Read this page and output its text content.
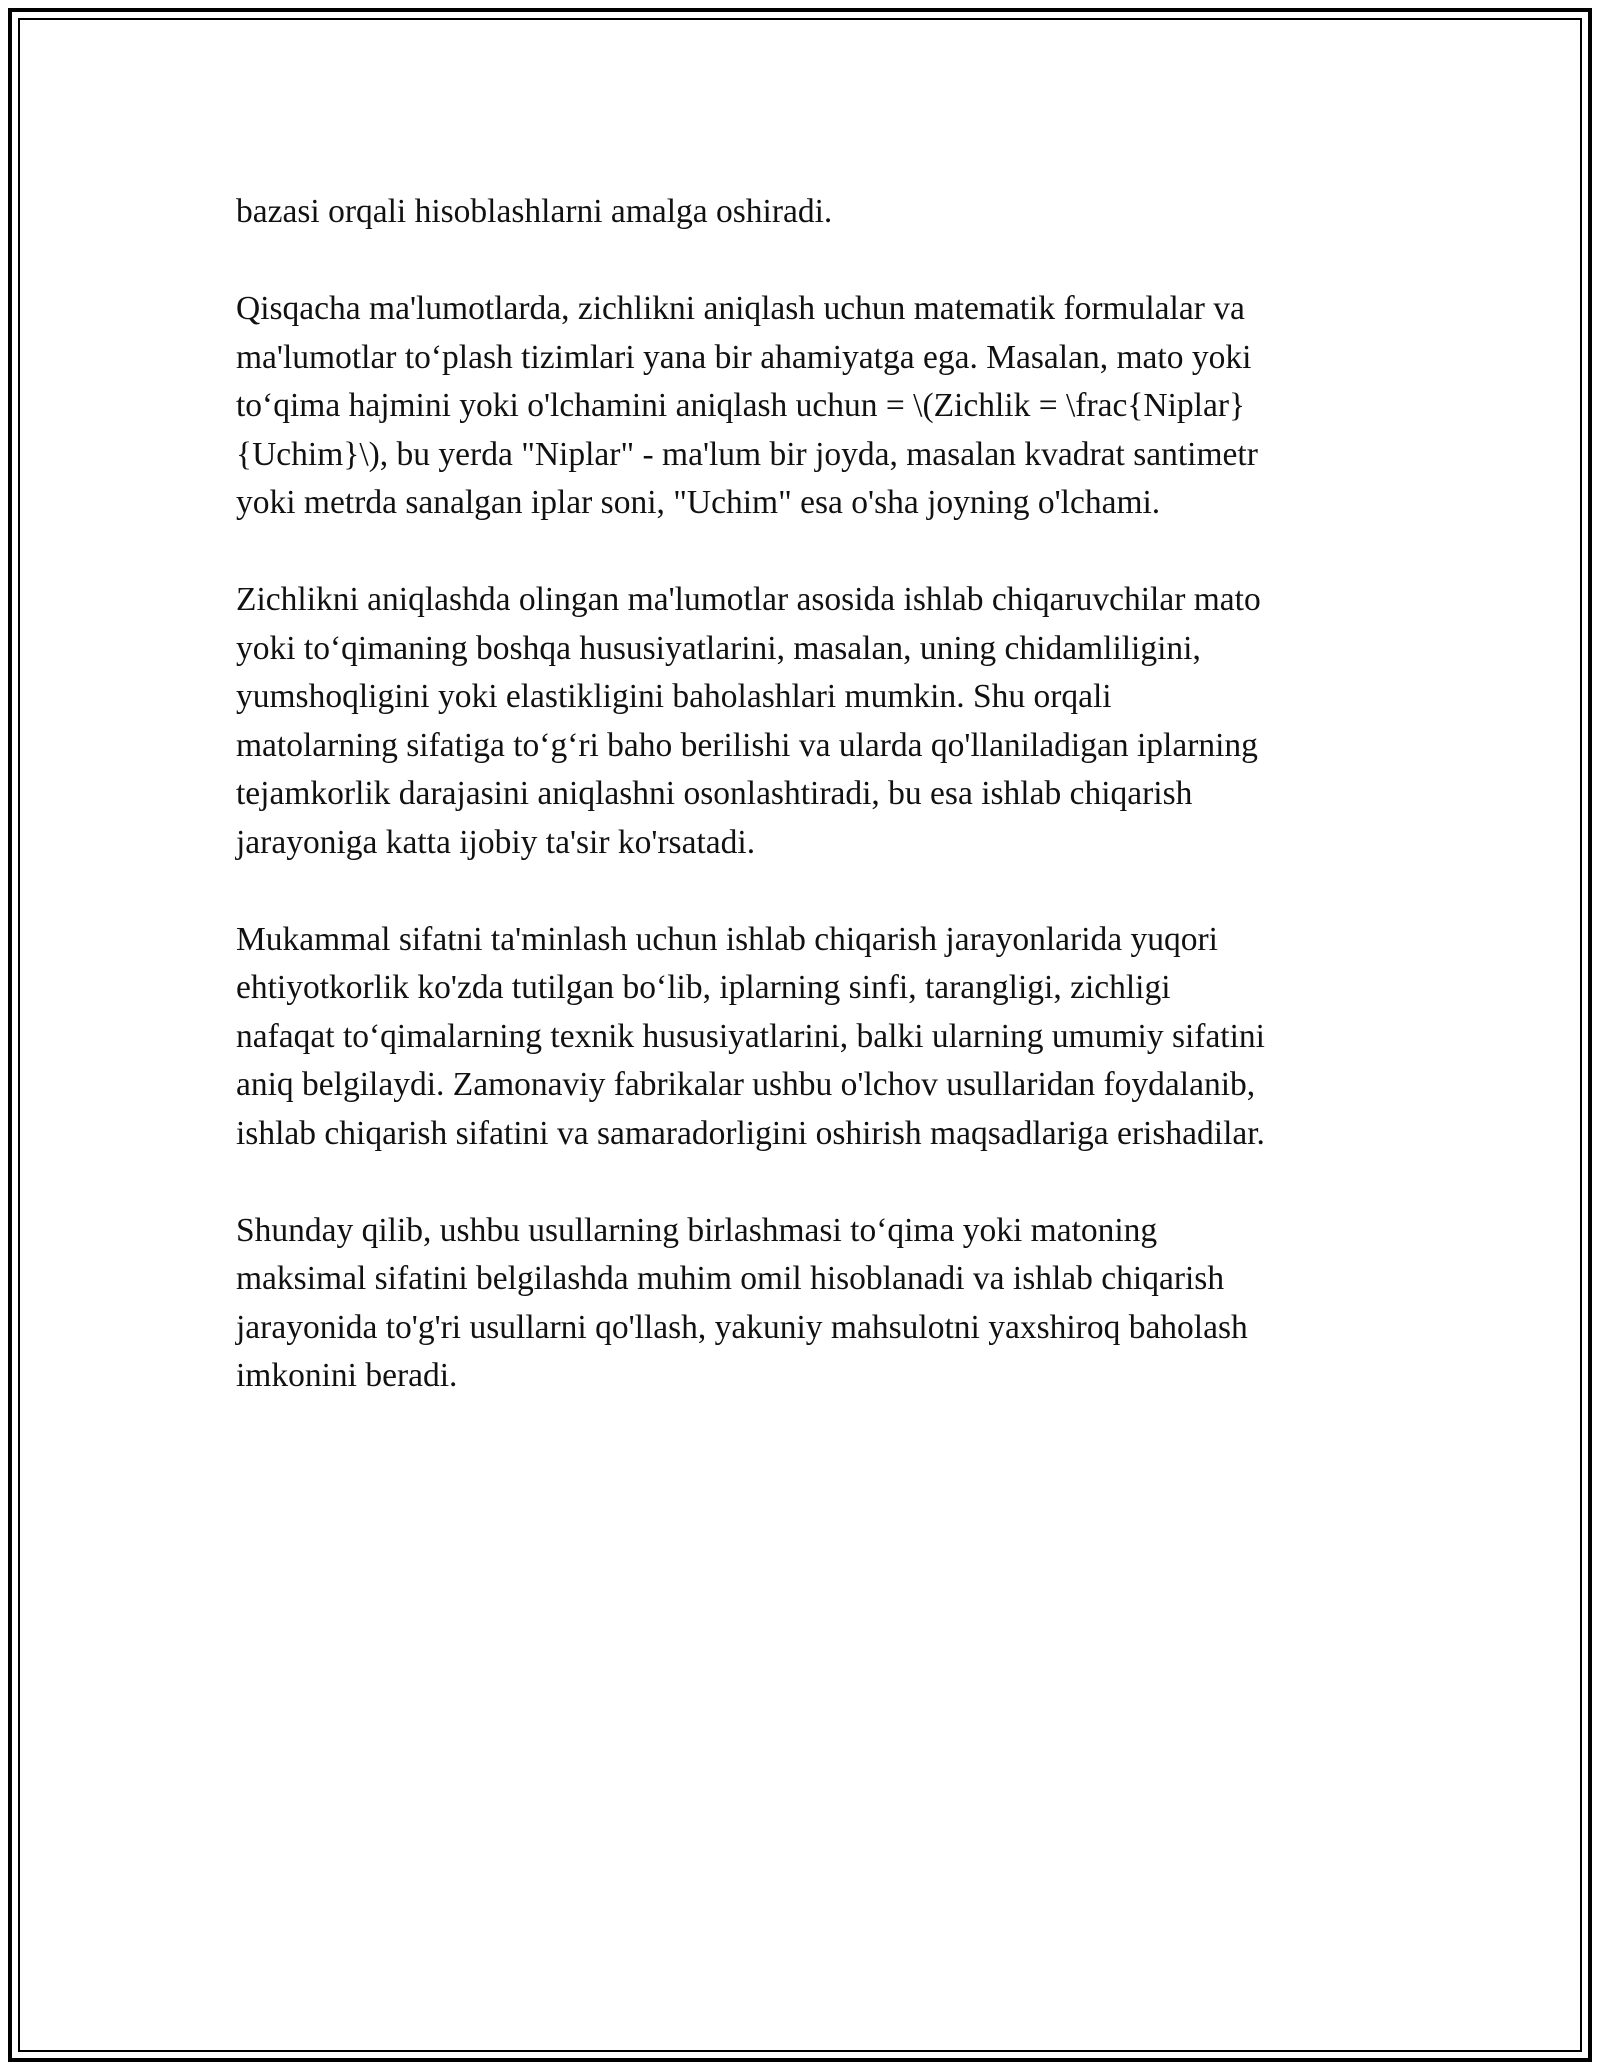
bazasi orqali hisoblashlarni amalga oshiradi.

Qisqacha ma'lumotlarda, zichlikni aniqlash uchun matematik formulalar va
ma'lumotlar to‘plash tizimlari yana bir ahamiyatga ega. Masalan, mato yoki
to‘qima hajmini yoki o'lchamini aniqlash uchun = \(Zichlik = \frac{Niplar}
{Uchim}\), bu yerda "Niplar" - ma'lum bir joyda, masalan kvadrat santimetr
yoki metrda sanalgan iplar soni, "Uchim" esa o'sha joyning o'lchami.

Zichlikni aniqlashda olingan ma'lumotlar asosida ishlab chiqaruvchilar mato
yoki to‘qimaning boshqa hususiyatlarini, masalan, uning chidamliligini,
yumshoqligini yoki elastikligini baholashlari mumkin. Shu orqali
matolarning sifatiga to‘g‘ri baho berilishi va ularda qo'llaniladigan iplarning
tejamkorlik darajasini aniqlashni osonlashtiradi, bu esa ishlab chiqarish
jarayoniga katta ijobiy ta'sir ko'rsatadi.

Mukammal sifatni ta'minlash uchun ishlab chiqarish jarayonlarida yuqori
ehtiyotkorlik ko'zda tutilgan bo‘lib, iplarning sinfi, tarangligi, zichligi
nafaqat to‘qimalarning texnik hususiyatlarini, balki ularning umumiy sifatini
aniq belgilaydi. Zamonaviy fabrikalar ushbu o'lchov usullaridan foydalanib,
ishlab chiqarish sifatini va samaradorligini oshirish maqsadlariga erishadilar.

Shunday qilib, ushbu usullarning birlashmasi to‘qima yoki matoning
maksimal sifatini belgilashda muhim omil hisoblanadi va ishlab chiqarish
jarayonida to'g'ri usullarni qo'llash, yakuniy mahsulotni yaxshiroq baholash
imkonini beradi.
